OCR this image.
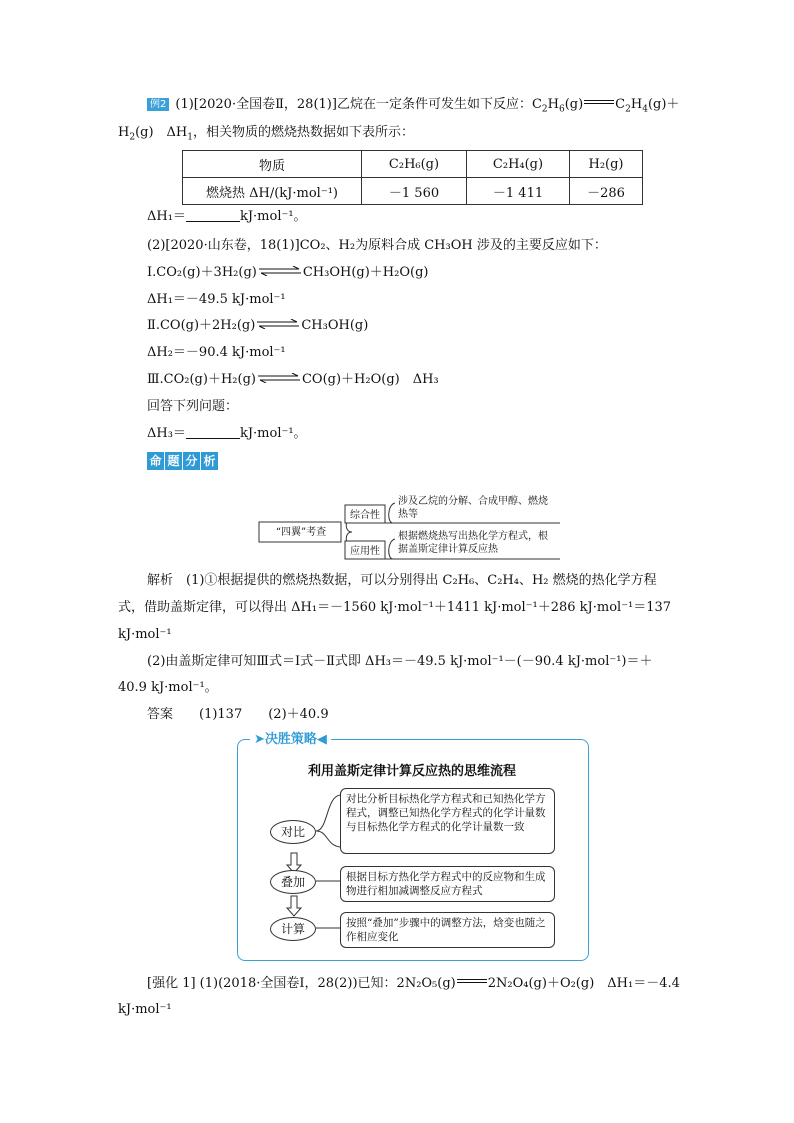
例2 (1)[2020·全国卷Ⅱ，28(1)]乙烷在一定条件可发生如下反应：$C_2H_6(g)$ $C_2H_4(g)+$
$H_2(g)$　$\Delta H_1$，相关物质的燃烧热数据如下表所示：
物质	C₂H₆(g)	C₂H₄(g)	H₂(g)
燃烧热 ΔH/(kJ·mol⁻¹)	－1 560	－1 411	－286
ΔH₁＝	kJ·mol⁻¹。
(2)[2020·山东卷，18(1)]CO₂、H₂为原料合成 CH₃OH 涉及的主要反应如下：
Ⅰ.CO₂(g)＋3H₂(g) ⇌ CH₃OH(g)＋H₂O(g)
ΔH₁＝－49.5 kJ·mol⁻¹
Ⅱ.CO(g)＋2H₂(g) ⇌ CH₃OH(g)
ΔH₂＝－90.4 kJ·mol⁻¹
Ⅲ.CO₂(g)＋H₂(g) ⇌ CO(g)＋H₂O(g)　ΔH₃
回答下列问题：
ΔH₃＝	kJ·mol⁻¹。
命 题 分 析
“四翼”考查
综合性
应用性
涉及乙烷的分解、合成甲醇、燃烧
热等
根据燃烧热写出热化学方程式，根
据盖斯定律计算反应热
解析　(1)①根据提供的燃烧热数据，可以分别得出 C₂H₆、C₂H₄、H₂ 燃烧的热化学方程
式，借助盖斯定律，可以得出 ΔH₁＝－1560 kJ·mol⁻¹＋1411 kJ·mol⁻¹＋286 kJ·mol⁻¹＝137
kJ·mol⁻¹
(2)由盖斯定律可知Ⅲ式＝Ⅰ式－Ⅱ式即 ΔH₃＝－49.5 kJ·mol⁻¹－(－90.4 kJ·mol⁻¹)＝＋
40.9 kJ·mol⁻¹。
答案　　(1)137　　(2)＋40.9
➤决胜策略◀
利用盖斯定律计算反应热的思维流程
对比
叠加
计算
对比分析目标热化学方程式和已知热化学方程式，调整已知热化学方程式的化学计量数与目标热化学方程式的化学计量数一致
根据目标方热化学方程式中的反应物和生成物进行相加减调整反应方程式
按照“叠加”步骤中的调整方法，焓变也随之作相应变化
[强化 1] (1)(2018·全国卷Ⅰ，28(2))已知：2N₂O₅(g) 2N₂O₄(g)＋O₂(g)　ΔH₁＝－4.4
kJ·mol⁻¹
